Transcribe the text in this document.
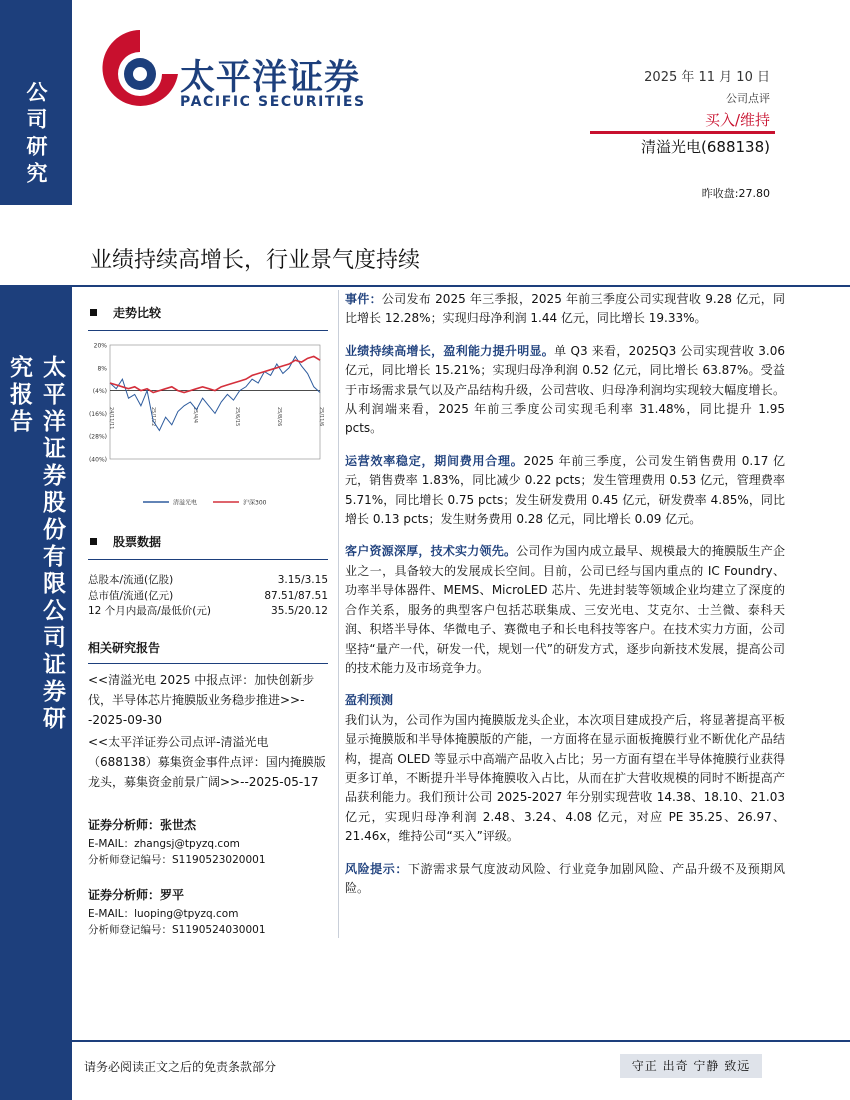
公司研究
太平洋证券股份有限公司证券研究报告
太平洋证券
PACIFIC SECURITIES
2025 年 11 月 10 日
公司点评
买入/维持
清溢光电(688138)
昨收盘:27.80
业绩持续高增长，行业景气度持续
走势比较
20%
8%
(4%)
(16%)
(28%)
(40%)
24/11/11	25/1/22	25/4/4	25/6/15	25/8/26	25/11/6
清溢光电	沪深300
股票数据
总股本/流通(亿股)	3.15/3.15
总市值/流通(亿元)	87.51/87.51
12 个月内最高/最低价(元)	35.5/20.12
相关研究报告
<<清溢光电 2025 中报点评：加快创新步伐，半导体芯片掩膜版业务稳步推进>>--2025-09-30
<<太平洋证券公司点评-清溢光电（688138）募集资金事件点评：国内掩膜版龙头，募集资金前景广阔>>--2025-05-17
证券分析师：张世杰
E-MAIL：zhangsj@tpyzq.com
分析师登记编号：S1190523020001
证券分析师：罗平
E-MAIL：luoping@tpyzq.com
分析师登记编号：S1190524030001

事件：公司发布 2025 年三季报，2025 年前三季度公司实现营收 9.28 亿元，同比增长 12.28%；实现归母净利润 1.44 亿元，同比增长 19.33%。

业绩持续高增长，盈利能力提升明显。单 Q3 来看，2025Q3 公司实现营收 3.06 亿元，同比增长 15.21%；实现归母净利润 0.52 亿元，同比增长 63.87%。受益于市场需求景气以及产品结构升级，公司营收、归母净利润均实现较大幅度增长。从利润端来看，2025 年前三季度公司实现毛利率 31.48%，同比提升 1.95 pcts。

运营效率稳定，期间费用合理。2025 年前三季度，公司发生销售费用 0.17 亿元，销售费率 1.83%，同比减少 0.22 pcts；发生管理费用 0.53 亿元，管理费率 5.71%，同比增长 0.75 pcts；发生研发费用 0.45 亿元，研发费率 4.85%，同比增长 0.13 pcts；发生财务费用 0.28 亿元，同比增长 0.09 亿元。

客户资源深厚，技术实力领先。公司作为国内成立最早、规模最大的掩膜版生产企业之一，具备较大的发展成长空间。目前，公司已经与国内重点的 IC Foundry、功率半导体器件、MEMS、MicroLED 芯片、先进封装等领域企业均建立了深度的合作关系，服务的典型客户包括芯联集成、三安光电、艾克尔、士兰微、泰科天润、积塔半导体、华微电子、赛微电子和长电科技等客户。在技术实力方面，公司坚持“量产一代，研发一代，规划一代”的研发方式，逐步向新技术发展，提高公司的技术能力及市场竞争力。

盈利预测
我们认为，公司作为国内掩膜版龙头企业，本次项目建成投产后，将显著提高平板显示掩膜版和半导体掩膜版的产能，一方面将在显示面板掩膜行业不断优化产品结构，提高 OLED 等显示中高端产品收入占比；另一方面有望在半导体掩膜行业获得更多订单，不断提升半导体掩膜收入占比，从而在扩大营收规模的同时不断提高产品获利能力。我们预计公司 2025-2027 年分别实现营收 14.38、18.10、21.03 亿元，实现归母净利润 2.48、3.24、4.08 亿元，对应 PE 35.25、26.97、21.46x，维持公司“买入”评级。

风险提示：下游需求景气度波动风险、行业竞争加剧风险、产品升级不及预期风险。

请务必阅读正文之后的免责条款部分	守正 出奇 宁静 致远
